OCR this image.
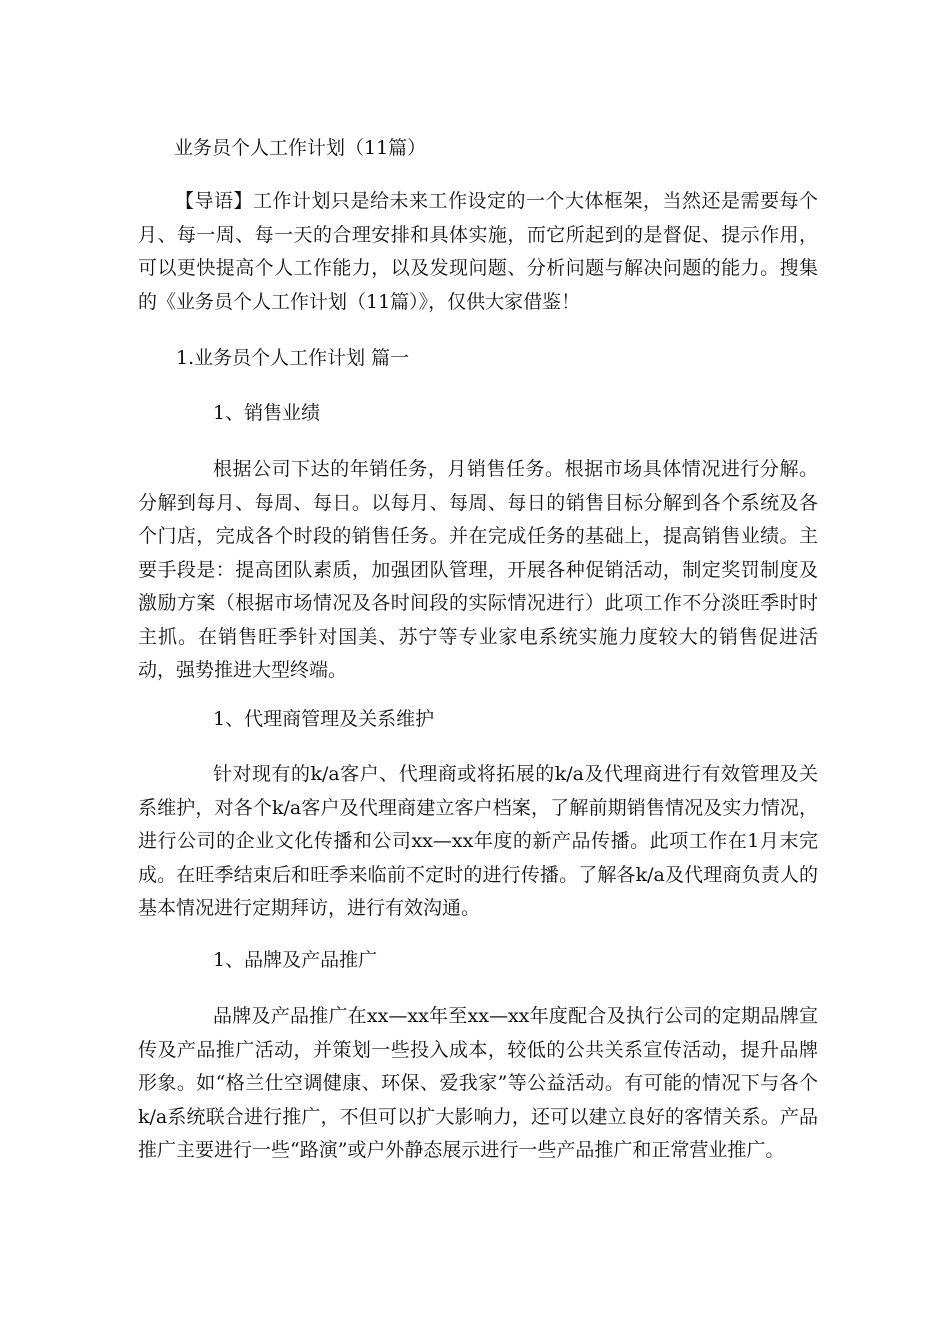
业务员个人工作计划（11篇）

【导语】工作计划只是给未来工作设定的一个大体框架，当然还是需要每个月、每一周、每一天的合理安排和具体实施，而它所起到的是督促、提示作用，可以更快提高个人工作能力，以及发现问题、分析问题与解决问题的能力。搜集的《业务员个人工作计划（11篇）》，仅供大家借鉴！

1.业务员个人工作计划 篇一
1、销售业绩

根据公司下达的年销任务，月销售任务。根据市场具体情况进行分解。分解到每月、每周、每日。以每月、每周、每日的销售目标分解到各个系统及各个门店，完成各个时段的销售任务。并在完成任务的基础上，提高销售业绩。主要手段是：提高团队素质，加强团队管理，开展各种促销活动，制定奖罚制度及激励方案（根据市场情况及各时间段的实际情况进行）此项工作不分淡旺季时时主抓。在销售旺季针对国美、苏宁等专业家电系统实施力度较大的销售促进活动，强势推进大型终端。

1、代理商管理及关系维护

针对现有的k/a客户、代理商或将拓展的k/a及代理商进行有效管理及关系维护，对各个k/a客户及代理商建立客户档案，了解前期销售情况及实力情况，进行公司的企业文化传播和公司xx—xx年度的新产品传播。此项工作在1月末完成。在旺季结束后和旺季来临前不定时的进行传播。了解各k/a及代理商负责人的基本情况进行定期拜访，进行有效沟通。

1、品牌及产品推广

品牌及产品推广在xx—xx年至xx—xx年度配合及执行公司的定期品牌宣传及产品推广活动，并策划一些投入成本，较低的公共关系宣传活动，提升品牌形象。如“格兰仕空调健康、环保、爱我家”等公益活动。有可能的情况下与各个k/a系统联合进行推广，不但可以扩大影响力，还可以建立良好的客情关系。产品推广主要进行一些“路演”或户外静态展示进行一些产品推广和正常营业推广。
